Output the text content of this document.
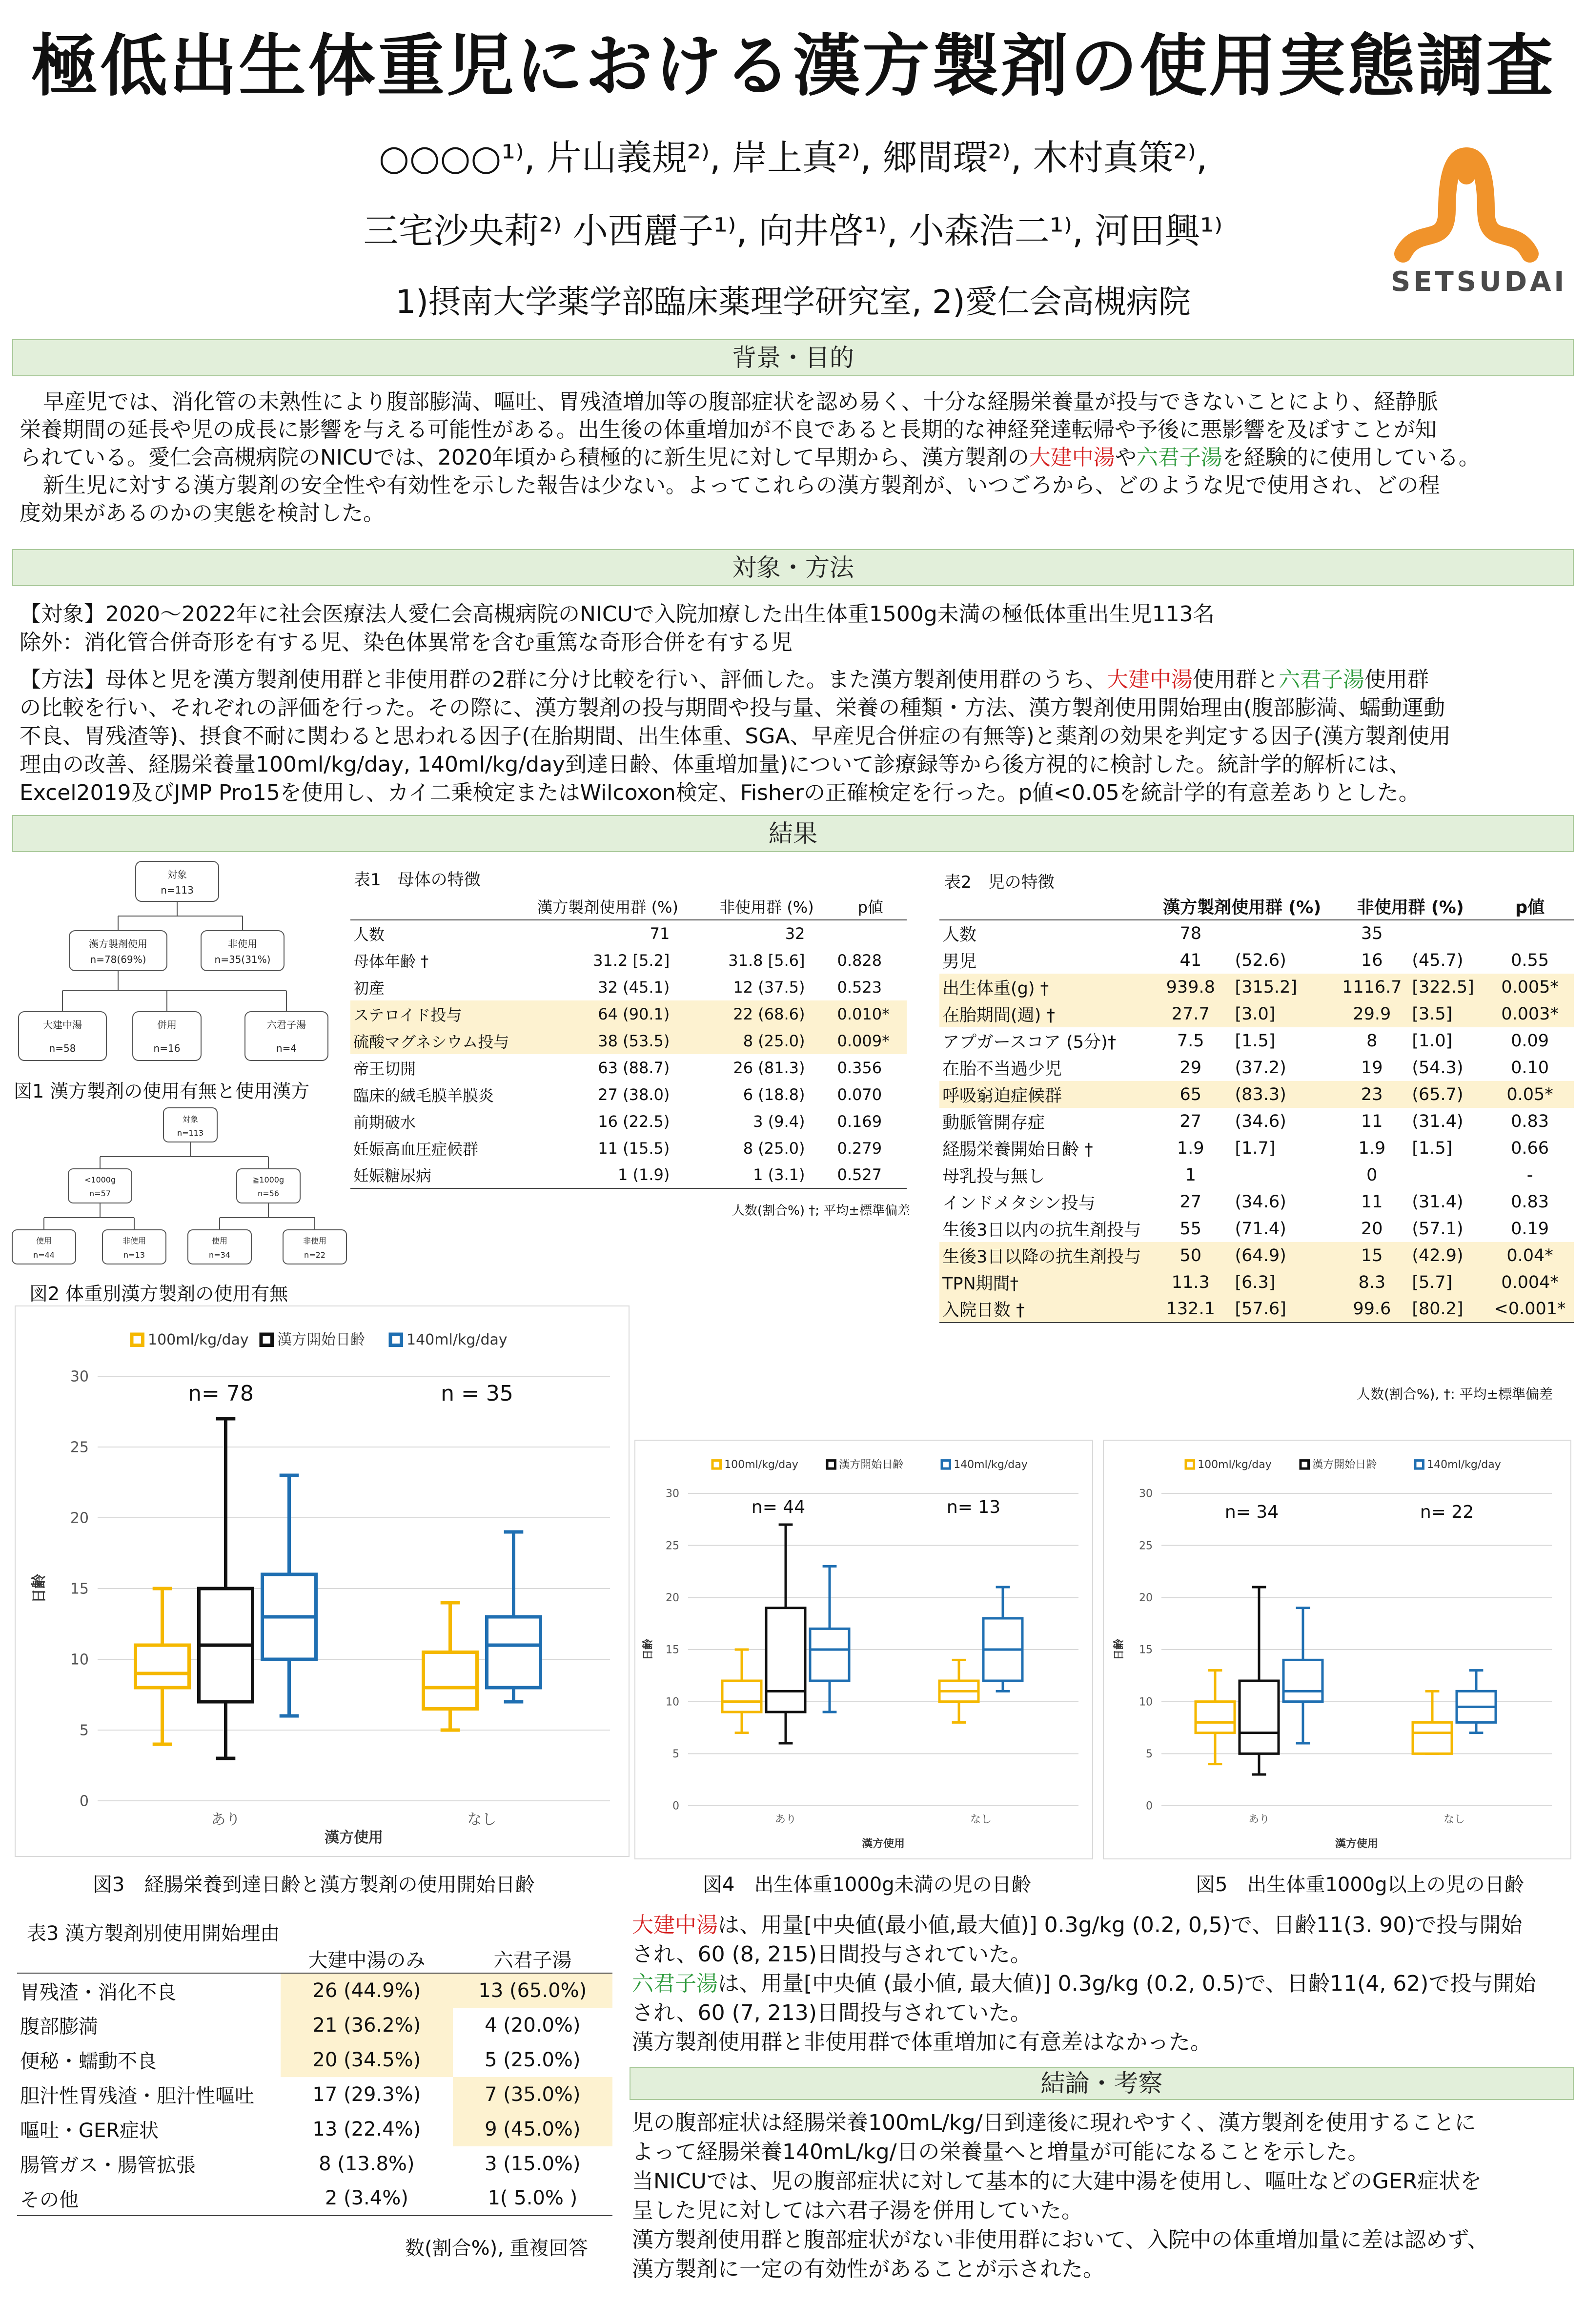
極低出生体重児における漢方製剤の使用実態調査
○○○○¹⁾, 片山義規²⁾, 岸上真²⁾, 郷間環²⁾, 木村真策²⁾,
三宅沙央莉²⁾ 小西麗子¹⁾, 向井啓¹⁾, 小森浩二¹⁾, 河田興¹⁾
1)摂南大学薬学部臨床薬理学研究室, 2)愛仁会高槻病院
SETSUDAI
背景・目的
早産児では、消化管の未熟性により腹部膨満、嘔吐、胃残渣増加等の腹部症状を認め易く、十分な経腸栄養量が投与できないことにより、経静脈
栄養期間の延長や児の成長に影響を与える可能性がある。出生後の体重増加が不良であると長期的な神経発達転帰や予後に悪影響を及ぼすことが知
られている。愛仁会高槻病院のNICUでは、2020年頃から積極的に新生児に対して早期から、漢方製剤の大建中湯や六君子湯を経験的に使用している。
新生児に対する漢方製剤の安全性や有効性を示した報告は少ない。よってこれらの漢方製剤が、いつごろから、どのような児で使用され、どの程
度効果があるのかの実態を検討した。
対象・方法
【対象】2020～2022年に社会医療法人愛仁会高槻病院のNICUで入院加療した出生体重1500g未満の極低体重出生児113名
除外：消化管合併奇形を有する児、染色体異常を含む重篤な奇形合併を有する児
【方法】母体と児を漢方製剤使用群と非使用群の2群に分け比較を行い、評価した。また漢方製剤使用群のうち、大建中湯使用群と六君子湯使用群
の比較を行い、それぞれの評価を行った。その際に、漢方製剤の投与期間や投与量、栄養の種類・方法、漢方製剤使用開始理由(腹部膨満、蠕動運動
不良、胃残渣等)、摂食不耐に関わると思われる因子(在胎期間、出生体重、SGA、早産児合併症の有無等)と薬剤の効果を判定する因子(漢方製剤使用
理由の改善、経腸栄養量100ml/kg/day, 140ml/kg/day到達日齢、体重増加量)について診療録等から後方視的に検討した。統計学的解析には、
Excel2019及びJMP Pro15を使用し、カイ二乗検定またはWilcoxon検定、Fisherの正確検定を行った。p値<0.05を統計学的有意差ありとした。
結果
対象
n=113
漢方製剤使用
n=78(69%)
非使用
n=35(31%)
大建中湯
n=58
併用
n=16
六君子湯
n=4
図1 漢方製剤の使用有無と使用漢方
対象
n=113
<1000g
n=57
≧1000g
n=56
使用
n=44
非使用
n=13
使用
n=34
非使用
n=22
図2 体重別漢方製剤の使用有無
表1　母体の特徴
	漢方製剤使用群 (%)	非使用群 (%)	p値
人数	71	32	
母体年齢 †	31.2 [5.2]	31.8 [5.6]	0.828
初産	32 (45.1)	12 (37.5)	0.523
ステロイド投与	64 (90.1)	22 (68.6)	0.010*
硫酸マグネシウム投与	38 (53.5)	8 (25.0)	0.009*
帝王切開	63 (88.7)	26 (81.3)	0.356
臨床的絨毛膜羊膜炎	27 (38.0)	6 (18.8)	0.070
前期破水	16 (22.5)	3 (9.4)	0.169
妊娠高血圧症候群	11 (15.5)	8 (25.0)	0.279
妊娠糖尿病	1 (1.9)	1 (3.1)	0.527
人数(割合%) †; 平均±標準偏差
表2　児の特徴
	漢方製剤使用群 (%)		非使用群 (%)		p値
人数	78		35		
男児	41	(52.6)	16	(45.7)	0.55
出生体重(g) †	939.8	[315.2]	1116.7	[322.5]	0.005*
在胎期間(週) †	27.7	[3.0]	29.9	[3.5]	0.003*
アプガースコア (5分)†	7.5	[1.5]	8	[1.0]	0.09
在胎不当過少児	29	(37.2)	19	(54.3)	0.10
呼吸窮迫症候群	65	(83.3)	23	(65.7)	0.05*
動脈管開存症	27	(34.6)	11	(31.4)	0.83
経腸栄養開始日齢 †	1.9	[1.7]	1.9	[1.5]	0.66
母乳投与無し	1		0		-
インドメタシン投与	27	(34.6)	11	(31.4)	0.83
生後3日以内の抗生剤投与	55	(71.4)	20	(57.1)	0.19
生後3日以降の抗生剤投与	50	(64.9)	15	(42.9)	0.04*
TPN期間†	11.3	[6.3]	8.3	[5.7]	0.004*
入院日数 †	132.1	[57.6]	99.6	[80.2]	<0.001*
人数(割合%), †: 平均±標準偏差
0
5
10
15
20
25
30
100ml/kg/day 漢方開始日齢	140ml/kg/day
日齢
漢方使用
あり
n= 78
なし
n = 35
図3　経腸栄養到達日齢と漢方製剤の使用開始日齢
0
5
10
15
20
25
30
100ml/kg/day	漢方開始日齢	140ml/kg/day
日齢
漢方使用
あり
n= 44
なし
n= 13
図4　出生体重1000g未満の児の日齢
0
5
10
15
20
25
30
100ml/kg/day	漢方開始日齢	140ml/kg/day
日齢
漢方使用
あり
n= 34
なし
n= 22
図5　出生体重1000g以上の児の日齢
表3 漢方製剤別使用開始理由
	大建中湯のみ	六君子湯
胃残渣・消化不良	26 (44.9%)	13 (65.0%)
腹部膨満	21 (36.2%)	4 (20.0%)
便秘・蠕動不良	20 (34.5%)	5 (25.0%)
胆汁性胃残渣・胆汁性嘔吐	17 (29.3%)	7 (35.0%)
嘔吐・GER症状	13 (22.4%)	9 (45.0%)
腸管ガス・腸管拡張	8 (13.8%)	3 (15.0%)
その他	2 (3.4%)	1( 5.0% )
数(割合%), 重複回答
大建中湯は、用量[中央値(最小値,最大値)] 0.3g/kg (0.2, 0,5)で、日齢11(3. 90)で投与開始
され、60 (8, 215)日間投与されていた。
六君子湯は、用量[中央値 (最小値, 最大値)] 0.3g/kg (0.2, 0.5)で、日齢11(4, 62)で投与開始
され、60 (7, 213)日間投与されていた。
漢方製剤使用群と非使用群で体重増加に有意差はなかった。
結論・考察
児の腹部症状は経腸栄養100mL/kg/日到達後に現れやすく、漢方製剤を使用することに
よって経腸栄養140mL/kg/日の栄養量へと増量が可能になることを示した。
当NICUでは、児の腹部症状に対して基本的に大建中湯を使用し、嘔吐などのGER症状を
呈した児に対しては六君子湯を併用していた。
漢方製剤使用群と腹部症状がない非使用群において、入院中の体重増加量に差は認めず、
漢方製剤に一定の有効性があることが示された。
